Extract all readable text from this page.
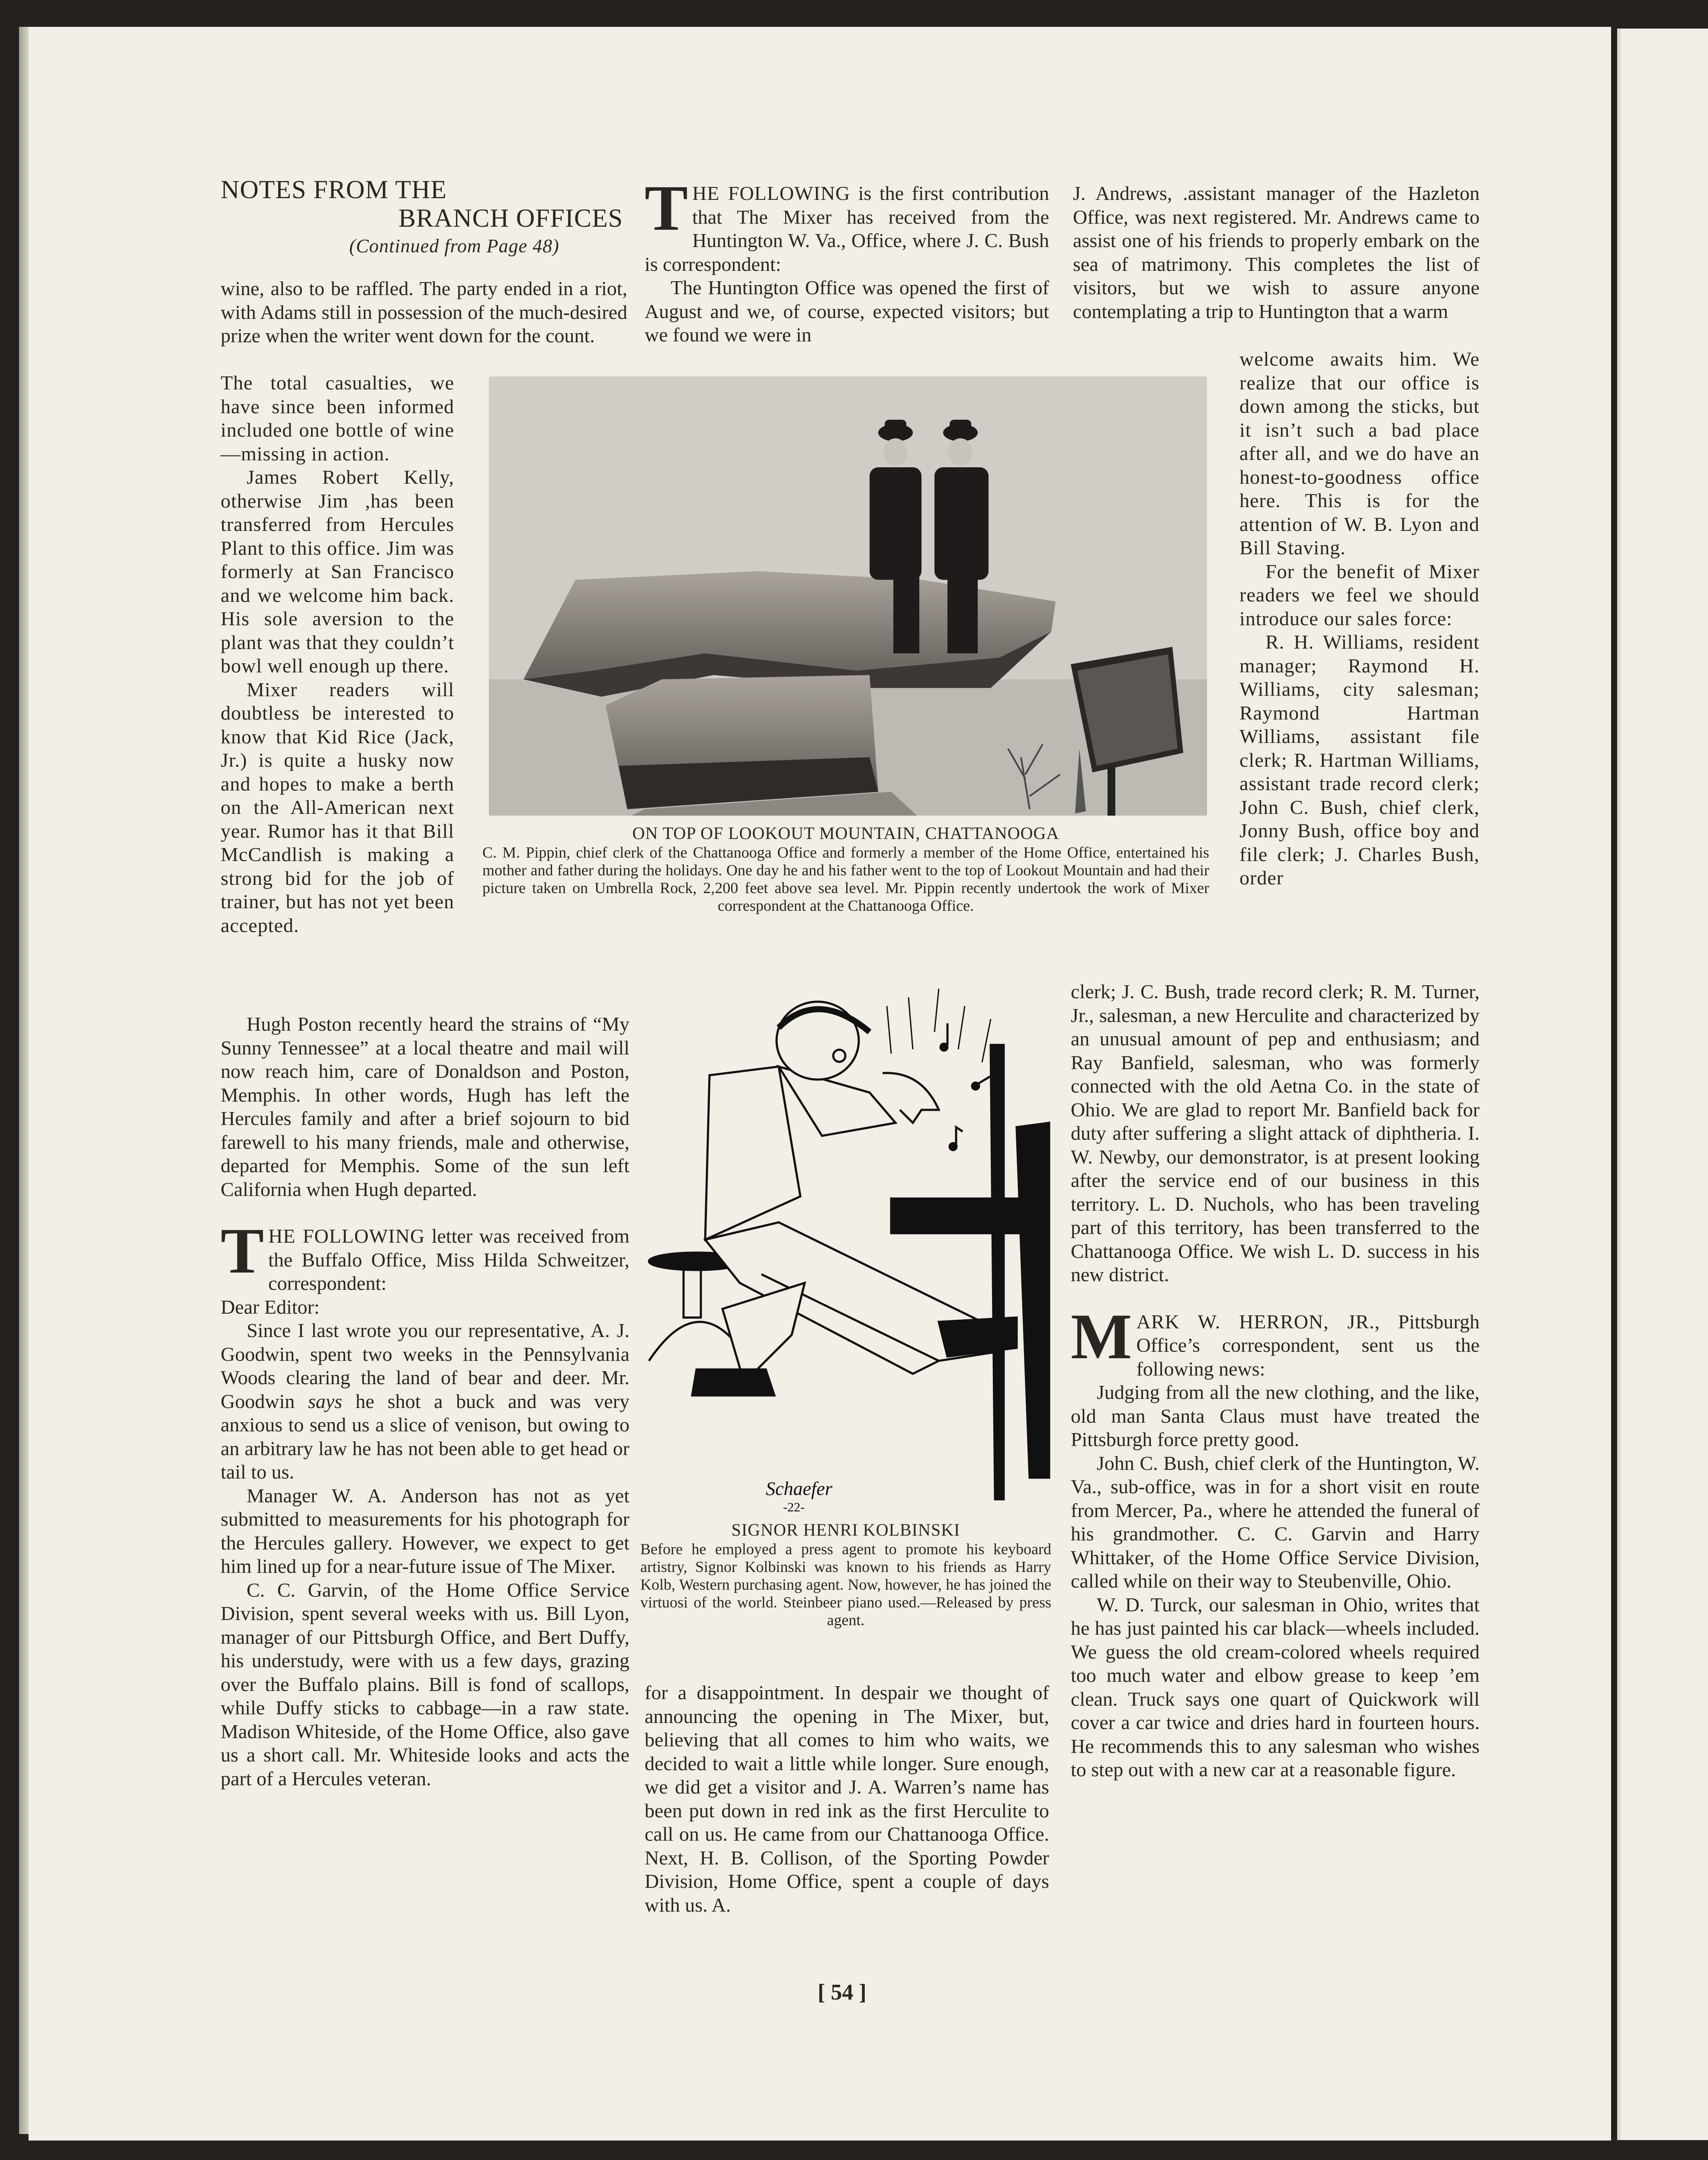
NOTES FROM THE
BRANCH OFFICES
(Continued from Page 48)

wine, also to be raffled. The party ended in a riot, with Adams still in possession of the much-desired prize when the writer went down for the count.

The total casualties, we have since been informed included one bottle of wine—missing in action.

James Robert Kelly, otherwise Jim ,has been transferred from Hercules Plant to this office. Jim was formerly at San Francisco and we welcome him back. His sole aversion to the plant was that they couldn’t bowl well enough up there.

Mixer readers will doubtless be interested to know that Kid Rice (Jack, Jr.) is quite a husky now and hopes to make a berth on the All-American next year. Rumor has it that Bill McCandlish is making a strong bid for the job of trainer, but has not yet been accepted.

Hugh Poston recently heard the strains of “My Sunny Tennessee” at a local theatre and mail will now reach him, care of Donaldson and Poston, Memphis. In other words, Hugh has left the Hercules family and after a brief sojourn to bid farewell to his many friends, male and otherwise, departed for Memphis. Some of the sun left California when Hugh departed.

THE FOLLOWING letter was received from the Buffalo Office, Miss Hilda Schweitzer, correspondent:

Dear Editor:

Since I last wrote you our representative, A. J. Goodwin, spent two weeks in the Pennsylvania Woods clearing the land of bear and deer. Mr. Goodwin says he shot a buck and was very anxious to send us a slice of venison, but owing to an arbitrary law he has not been able to get head or tail to us.

Manager W. A. Anderson has not as yet submitted to measurements for his photograph for the Hercules gallery. However, we expect to get him lined up for a near-future issue of The Mixer.

C. C. Garvin, of the Home Office Service Division, spent several weeks with us. Bill Lyon, manager of our Pittsburgh Office, and Bert Duffy, his understudy, were with us a few days, grazing over the Buffalo plains. Bill is fond of scallops, while Duffy sticks to cabbage—in a raw state. Madison Whiteside, of the Home Office, also gave us a short call. Mr. Whiteside looks and acts the part of a Hercules veteran.

THE FOLLOWING is the first contribution that The Mixer has received from the Huntington W. Va., Office, where J. C. Bush is correspondent:

The Huntington Office was opened the first of August and we, of course, expected visitors; but we found we were in

ON TOP OF LOOKOUT MOUNTAIN, CHATTANOOGA
C. M. Pippin, chief clerk of the Chattanooga Office and formerly a member of the Home Office, entertained his mother and father during the holidays. One day he and his father went to the top of Lookout Mountain and had their picture taken on Umbrella Rock, 2,200 feet above sea level. Mr. Pippin recently undertook the work of Mixer correspondent at the Chattanooga Office.
Schaefer
-22-
SIGNOR HENRI KOLBINSKI
Before he employed a press agent to promote his keyboard artistry, Signor Kolbinski was known to his friends as Harry Kolb, Western purchasing agent. Now, however, he has joined the virtuosi of the world. Steinbeer piano used.—Released by press agent.

for a disappointment. In despair we thought of announcing the opening in The Mixer, but, believing that all comes to him who waits, we decided to wait a little while longer. Sure enough, we did get a visitor and J. A. Warren’s name has been put down in red ink as the first Herculite to call on us. He came from our Chattanooga Office. Next, H. B. Collison, of the Sporting Powder Division, Home Office, spent a couple of days with us. A.

J. Andrews, .assistant manager of the Hazleton Office, was next registered. Mr. Andrews came to assist one of his friends to properly embark on the sea of matrimony. This completes the list of visitors, but we wish to assure anyone contemplating a trip to Huntington that a warm

welcome awaits him. We realize that our office is down among the sticks, but it isn’t such a bad place after all, and we do have an honest-to-goodness office here. This is for the attention of W. B. Lyon and Bill Staving.

For the benefit of Mixer readers we feel we should introduce our sales force:

R. H. Williams, resident manager; Raymond H. Williams, city salesman; Raymond Hartman Williams, assistant file clerk; R. Hartman Williams, assistant trade record clerk; John C. Bush, chief clerk, Jonny Bush, office boy and file clerk; J. Charles Bush, order

clerk; J. C. Bush, trade record clerk; R. M. Turner, Jr., salesman, a new Herculite and characterized by an unusual amount of pep and enthusiasm; and Ray Banfield, salesman, who was formerly connected with the old Aetna Co. in the state of Ohio. We are glad to report Mr. Banfield back for duty after suffering a slight attack of diphtheria. I. W. Newby, our demonstrator, is at present looking after the service end of our business in this territory. L. D. Nuchols, who has been traveling part of this territory, has been transferred to the Chattanooga Office. We wish L. D. success in his new district.

MARK W. HERRON, JR., Pittsburgh Office’s correspondent, sent us the following news:

Judging from all the new clothing, and the like, old man Santa Claus must have treated the Pittsburgh force pretty good.

John C. Bush, chief clerk of the Huntington, W. Va., sub-office, was in for a short visit en route from Mercer, Pa., where he attended the funeral of his grandmother. C. C. Garvin and Harry Whittaker, of the Home Office Service Division, called while on their way to Steubenville, Ohio.

W. D. Turck, our salesman in Ohio, writes that he has just painted his car black—wheels included. We guess the old cream-colored wheels required too much water and elbow grease to keep ’em clean. Truck says one quart of Quickwork will cover a car twice and dries hard in fourteen hours. He recommends this to any salesman who wishes to step out with a new car at a reasonable figure.

[ 54 ]
